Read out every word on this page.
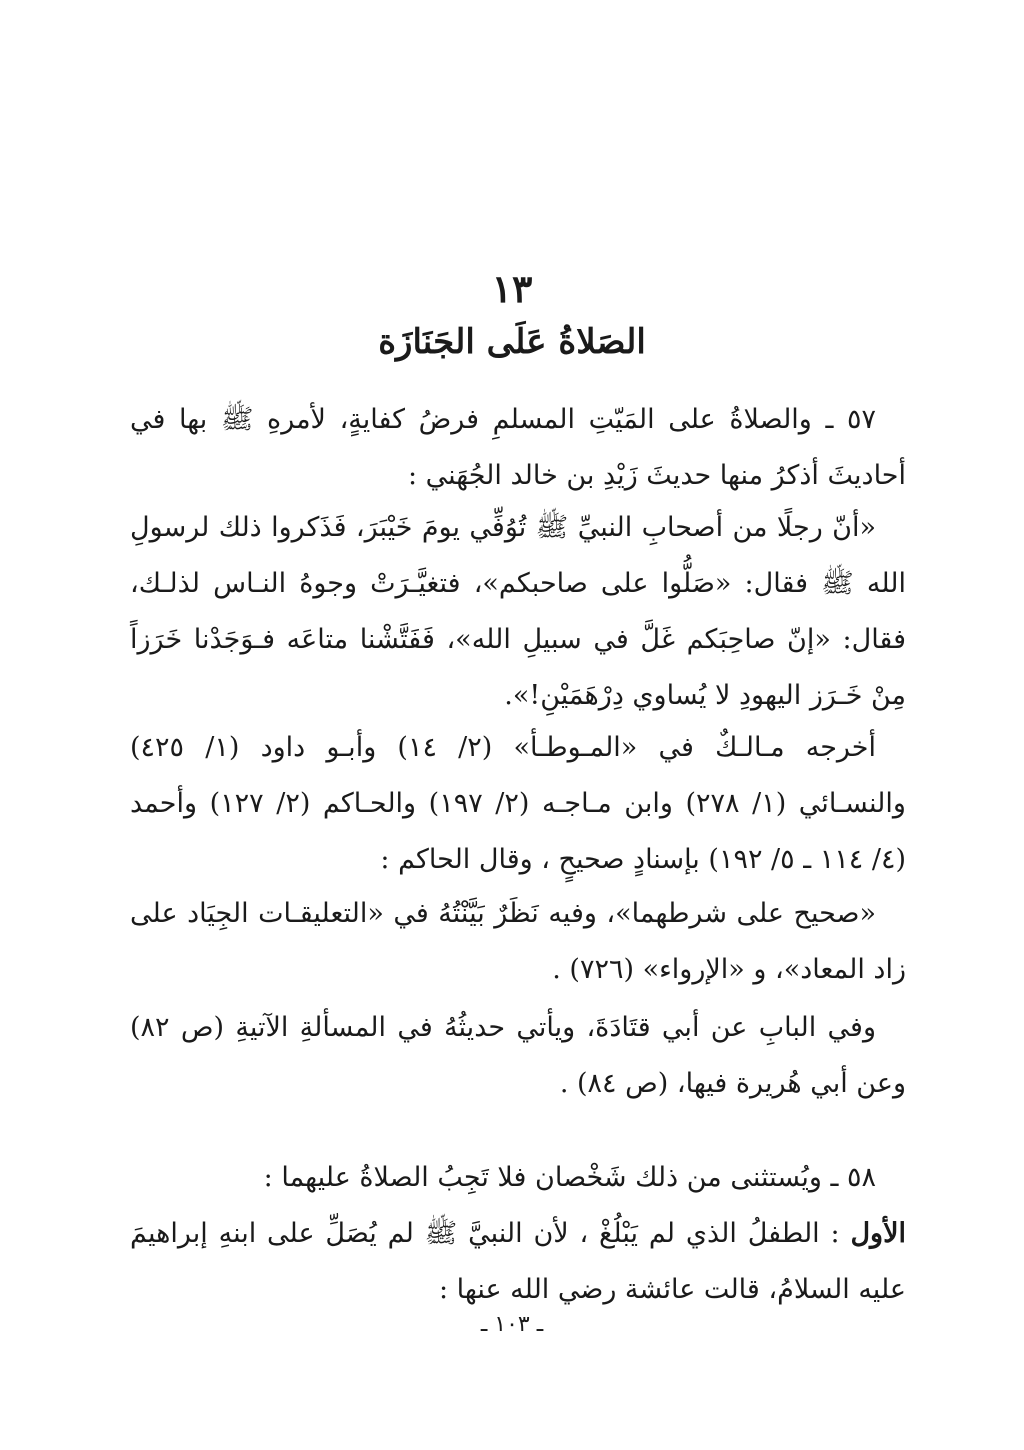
١٣
الصَلاةُ عَلَى الجَنَازَة
٥٧ ـ والصلاةُ على المَيّتِ المسلمِ فرضُ كفايةٍ، لأمرهِ ﷺ بها في أحاديثَ أذكرُ منها حديثَ زَيْدِ بن خالد الجُهَني :
«أنّ رجلًا من أصحابِ النبيِّ ﷺ تُوُفِّي يومَ خَيْبَرَ، فَذَكروا ذلك لرسولِ الله ﷺ فقال: «صَلُّوا على صاحبكم»، فتغيَّـرَتْ وجوهُ النـاس لذلـك، فقال: «إنّ صاحِبَكم غَلَّ في سبيلِ الله»، فَفَتَّشْنا متاعَه فـوَجَدْنا خَرَزاً مِنْ خَـرَز اليهودِ لا يُساوي دِرْهَمَيْنِ!».
أخرجه مـالـكٌ في «المـوطـأ» (٢/ ١٤) وأبـو داود (١/ ٤٢٥) والنسـائي (١/ ٢٧٨) وابن مـاجـه (٢/ ١٩٧) والحـاكم (٢/ ١٢٧) وأحمد (٤/ ١١٤ ـ ٥/ ١٩٢) بإسنادٍ صحيحٍ ، وقال الحاكم :
«صحيح على شرطهما»، وفيه نَظَرٌ بَيَّنْتُهُ في «التعليقـات الجِيَاد على زاد المعاد»، و «الإرواء» (٧٢٦) .
وفي البابِ عن أبي قتَادَةَ، ويأتي حديثُهُ في المسألةِ الآتيةِ (ص ٨٢) وعن أبي هُريرة فيها، (ص ٨٤) .
٥٨ ـ ويُستثنى من ذلك شَخْصان فلا تَجِبُ الصلاةُ عليهما :
الأول : الطفلُ الذي لم يَبْلُغْ ، لأن النبيَّ ﷺ لم يُصَلِّ على ابنهِ إبراهيمَ عليه السلامُ، قالت عائشة رضي الله عنها :
ـ ١٠٣ ـ
